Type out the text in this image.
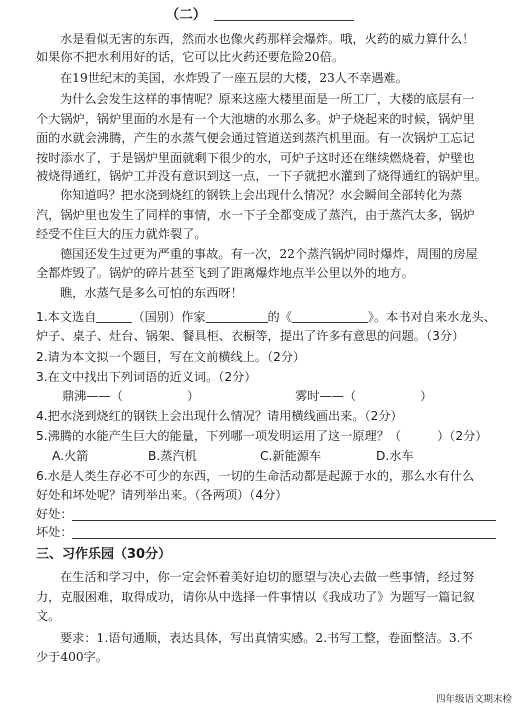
（二）
水是看似无害的东西，然而水也像火药那样会爆炸。哦，火药的威力算什么！
如果你不把水利用好的话，它可以比火药还要危险20倍。
在19世纪末的美国，水炸毁了一座五层的大楼，23人不幸遇难。
为什么会发生这样的事情呢？原来这座大楼里面是一所工厂，大楼的底层有一
个大锅炉，锅炉里面的水是有一个大池塘的水那么多。炉子烧起来的时候，锅炉里
面的水就会沸腾，产生的水蒸气便会通过管道送到蒸汽机里面。有一次锅炉工忘记
按时添水了，于是锅炉里面就剩下很少的水，可炉子这时还在继续燃烧着，炉壁也
被烧得通红，锅炉工并没有意识到这一点，一下子就把水灌到了烧得通红的锅炉里。
你知道吗？把水浇到烧红的钢铁上会出现什么情况？水会瞬间全部转化为蒸
汽，锅炉里也发生了同样的事情，水一下子全都变成了蒸汽，由于蒸汽太多，锅炉
经受不住巨大的压力就炸裂了。
德国还发生过更为严重的事故。有一次，22个蒸汽锅炉同时爆炸，周围的房屋
全都炸毁了。锅炉的碎片甚至飞到了距离爆炸地点半公里以外的地方。
瞧，水蒸气是多么可怕的东西呀！
1.本文选自	（国别）作家	的《	》。本书对自来水龙头、
炉子、桌子、灶台、锅架、餐具柜、衣橱等，提出了许多有意思的问题。（3分）
2.请为本文拟一个题目，写在文前横线上。（2分）
3.在文中找出下列词语的近义词。（2分）
鼎沸——（	）	雾时——（	）
4.把水浇到烧红的钢铁上会出现什么情况？请用横线画出来。（2分）
5.沸腾的水能产生巨大的能量，下列哪一项发明运用了这一原理？（	）（2分）
A.火箭	B.蒸汽机	C.新能源车	D.水车
6.水是人类生存必不可少的东西，一切的生命活动都是起源于水的，那么水有什么
好处和坏处呢？请列举出来。（各两项）（4分）
好处：
坏处：
三、习作乐园（30分）
在生活和学习中，你一定会怀着美好迫切的愿望与决心去做一些事情，经过努
力，克服困难，取得成功，请你从中选择一件事情以《我成功了》为题写一篇记叙
文。
要求：1.语句通顺，表达具体，写出真情实感。2.书写工整，卷面整洁。3.不
少于400字。
四年级语文期末检
